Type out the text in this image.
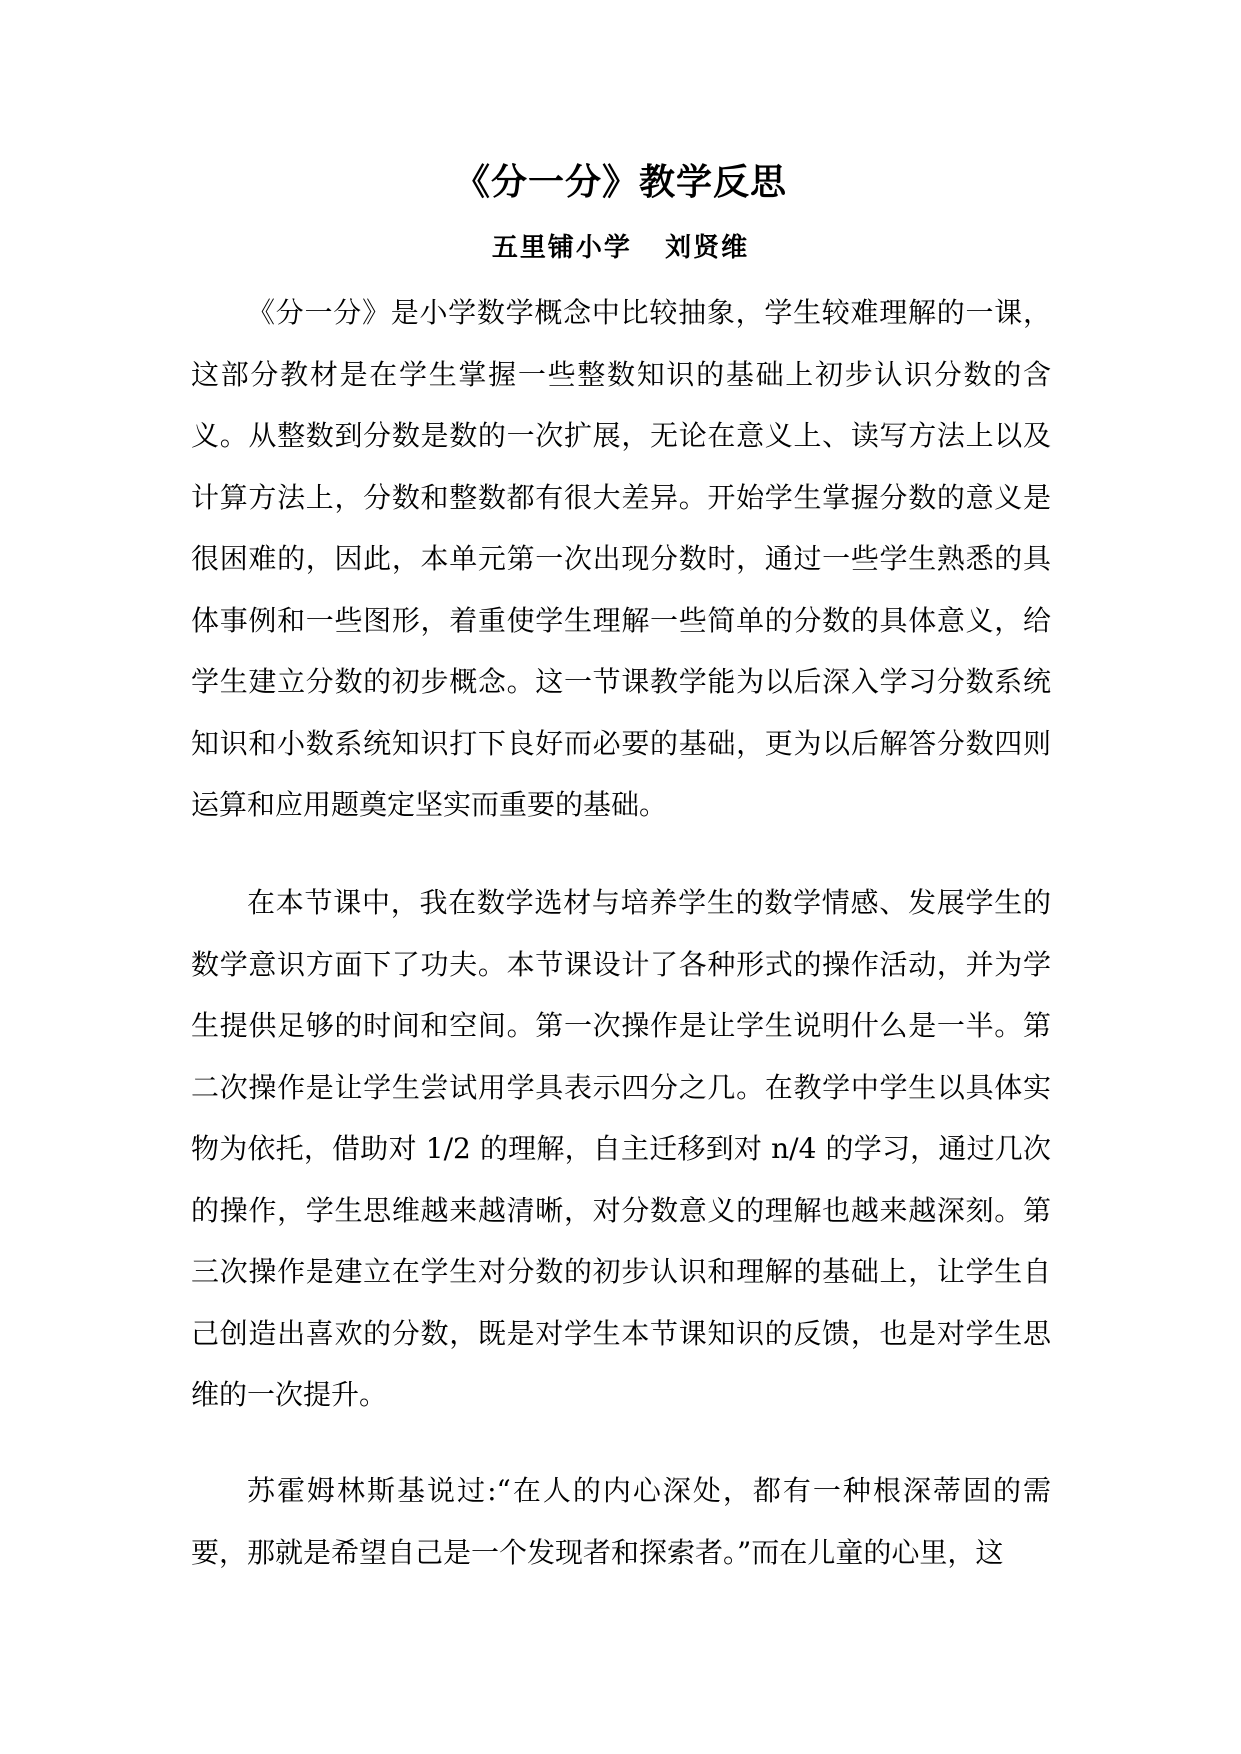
《分一分》教学反思
五里铺小学   刘贤维

《分一分》是小学数学概念中比较抽象，学生较难理解的一课，这部分教材是在学生掌握一些整数知识的基础上初步认识分数的含义。从整数到分数是数的一次扩展，无论在意义上、读写方法上以及计算方法上，分数和整数都有很大差异。开始学生掌握分数的意义是很困难的，因此，本单元第一次出现分数时，通过一些学生熟悉的具体事例和一些图形，着重使学生理解一些简单的分数的具体意义，给学生建立分数的初步概念。这一节课教学能为以后深入学习分数系统知识和小数系统知识打下良好而必要的基础，更为以后解答分数四则运算和应用题奠定坚实而重要的基础。

在本节课中，我在数学选材与培养学生的数学情感、发展学生的数学意识方面下了功夫。本节课设计了各种形式的操作活动，并为学生提供足够的时间和空间。第一次操作是让学生说明什么是一半。第二次操作是让学生尝试用学具表示四分之几。在教学中学生以具体实物为依托，借助对 1/2 的理解，自主迁移到对 n/4 的学习，通过几次的操作，学生思维越来越清晰，对分数意义的理解也越来越深刻。第三次操作是建立在学生对分数的初步认识和理解的基础上，让学生自己创造出喜欢的分数，既是对学生本节课知识的反馈，也是对学生思维的一次提升。

苏霍姆林斯基说过:“在人的内心深处，都有一种根深蒂固的需要，那就是希望自己是一个发现者和探索者。”而在儿童的心里，这
